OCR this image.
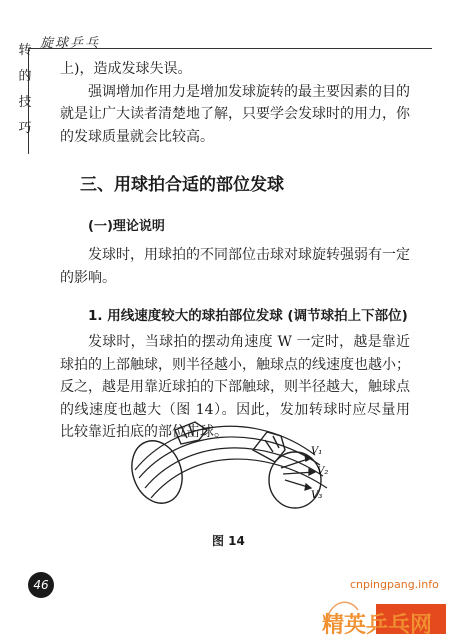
旋球乒乓
转
的
技
巧

上)，造成发球失误。

强调增加作用力是增加发球旋转的最主要因素的目的就是让广大读者清楚地了解，只要学会发球时的用力，你的发球质量就会比较高。

三、用球拍合适的部位发球
(一)理论说明

发球时，用球拍的不同部位击球对球旋转强弱有一定的影响。

1. 用线速度较大的球拍部位发球 (调节球拍上下部位)

发球时，当球拍的摆动角速度 W 一定时，越是靠近球拍的上部触球，则半径越小，触球点的线速度也越小；反之，越是用靠近球拍的下部触球，则半径越大，触球点的线速度也越大（图 14）。因此，发加转球时应尽量用比较靠近拍底的部位击球。

V₁
V₂
V₃
图 14
46	cnpingpang.info
精英乒乓网
